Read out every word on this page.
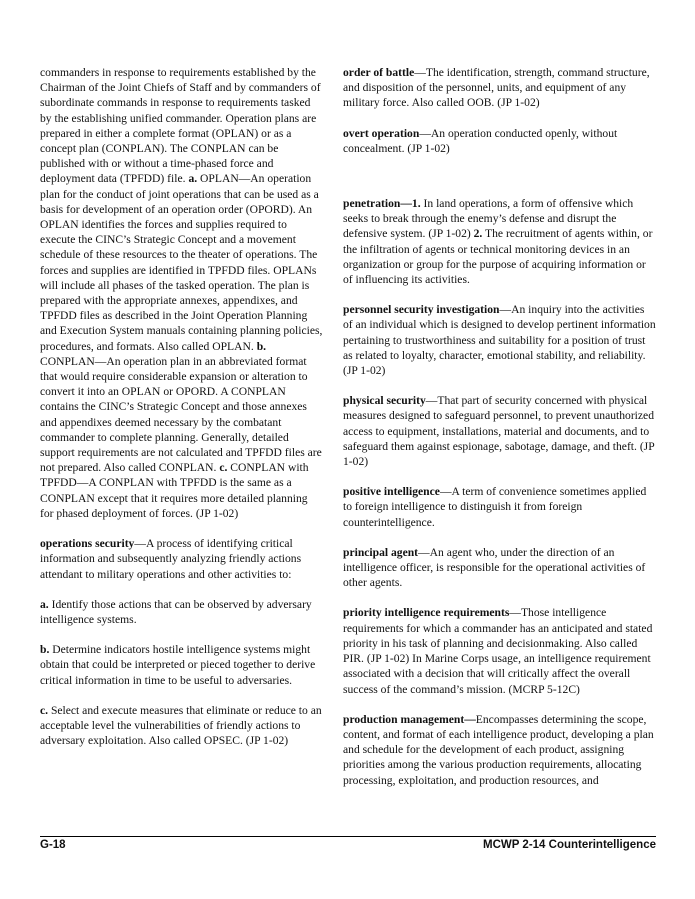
commanders in response to requirements established by the Chairman of the Joint Chiefs of Staff and by commanders of subordinate commands in response to requirements tasked by the establishing unified commander. Operation plans are prepared in either a complete format (OPLAN) or as a concept plan (CONPLAN). The CONPLAN can be published with or without a time-phased force and deployment data (TPFDD) file. a. OPLAN—An operation plan for the conduct of joint operations that can be used as a basis for development of an operation order (OPORD). An OPLAN identifies the forces and supplies required to execute the CINC’s Strategic Concept and a movement schedule of these resources to the theater of operations. The forces and supplies are identified in TPFDD files. OPLANs will include all phases of the tasked operation. The plan is prepared with the appropriate annexes, appendixes, and TPFDD files as described in the Joint Operation Planning and Execution System manuals containing planning policies, procedures, and formats. Also called OPLAN. b. CONPLAN—An operation plan in an abbreviated format that would require considerable expansion or alteration to convert it into an OPLAN or OPORD. A CONPLAN contains the CINC’s Strategic Concept and those annexes and appendixes deemed necessary by the combatant commander to complete planning. Generally, detailed support requirements are not calculated and TPFDD files are not prepared. Also called CONPLAN. c. CONPLAN with TPFDD—A CONPLAN with TPFDD is the same as a CONPLAN except that it requires more detailed planning for phased deployment of forces. (JP 1-02)

operations security—A process of identifying critical information and subsequently analyzing friendly actions attendant to military operations and other activities to:

a. Identify those actions that can be observed by adversary intelligence systems.

b. Determine indicators hostile intelligence systems might obtain that could be interpreted or pieced together to derive critical information in time to be useful to adversaries.

c. Select and execute measures that eliminate or reduce to an acceptable level the vulnerabilities of friendly actions to adversary exploitation. Also called OPSEC. (JP 1-02)

order of battle—The identification, strength, command structure, and disposition of the personnel, units, and equipment of any military force. Also called OOB. (JP 1-02)

overt operation—An operation conducted openly, without concealment. (JP 1-02)

penetration—1. In land operations, a form of offensive which seeks to break through the enemy’s defense and disrupt the defensive system. (JP 1-02) 2. The recruitment of agents within, or the infiltration of agents or technical monitoring devices in an organization or group for the purpose of acquiring information or of influencing its activities.

personnel security investigation—An inquiry into the activities of an individual which is designed to develop pertinent information pertaining to trustworthiness and suitability for a position of trust as related to loyalty, character, emotional stability, and reliability. (JP 1-02)

physical security—That part of security concerned with physical measures designed to safeguard personnel, to prevent unauthorized access to equipment, installations, material and documents, and to safeguard them against espionage, sabotage, damage, and theft. (JP 1-02)

positive intelligence—A term of convenience sometimes applied to foreign intelligence to distinguish it from foreign counterintelligence.

principal agent—An agent who, under the direction of an intelligence officer, is responsible for the operational activities of other agents.

priority intelligence requirements—Those intelligence requirements for which a commander has an anticipated and stated priority in his task of planning and decisionmaking. Also called PIR. (JP 1-02) In Marine Corps usage, an intelligence requirement associated with a decision that will critically affect the overall success of the command’s mission. (MCRP 5-12C)

production management—Encompasses determining the scope, content, and format of each intelligence product, developing a plan and schedule for the development of each product, assigning priorities among the various production requirements, allocating processing, exploitation, and production resources, and

G-18	MCWP 2-14 Counterintelligence
